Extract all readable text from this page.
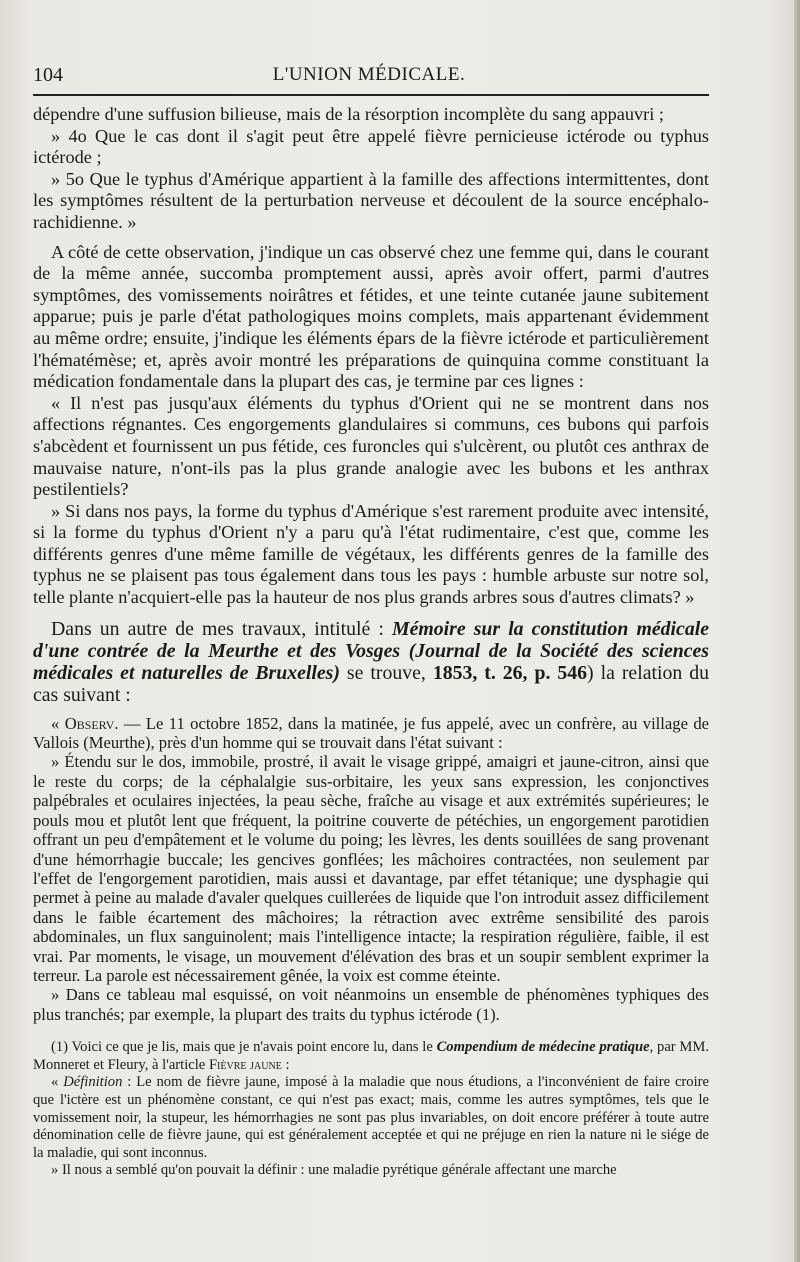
104	L'UNION MÉDICALE.

dépendre d'une suffusion bilieuse, mais de la résorption incomplète du sang appauvri ;

» 4o Que le cas dont il s'agit peut être appelé fièvre pernicieuse ictérode ou typhus ictérode ;

» 5o Que le typhus d'Amérique appartient à la famille des affections intermittentes, dont les symptômes résultent de la perturbation nerveuse et découlent de la source encéphalo-rachidienne. »

A côté de cette observation, j'indique un cas observé chez une femme qui, dans le courant de la même année, succomba promptement aussi, après avoir offert, parmi d'autres symptômes, des vomissements noirâtres et fétides, et une teinte cutanée jaune subitement apparue; puis je parle d'état pathologiques moins complets, mais appartenant évidemment au même ordre; ensuite, j'indique les éléments épars de la fièvre ictérode et particulièrement l'hématémèse; et, après avoir montré les préparations de quinquina comme constituant la médication fondamentale dans la plupart des cas, je termine par ces lignes :

« Il n'est pas jusqu'aux éléments du typhus d'Orient qui ne se montrent dans nos affections régnantes. Ces engorgements glandulaires si communs, ces bubons qui parfois s'abcèdent et fournissent un pus fétide, ces furoncles qui s'ulcèrent, ou plutôt ces anthrax de mauvaise nature, n'ont-ils pas la plus grande analogie avec les bubons et les anthrax pestilentiels?

» Si dans nos pays, la forme du typhus d'Amérique s'est rarement produite avec intensité, si la forme du typhus d'Orient n'y a paru qu'à l'état rudimentaire, c'est que, comme les différents genres d'une même famille de végétaux, les différents genres de la famille des typhus ne se plaisent pas tous également dans tous les pays : humble arbuste sur notre sol, telle plante n'acquiert-elle pas la hauteur de nos plus grands arbres sous d'autres climats? »

Dans un autre de mes travaux, intitulé : Mémoire sur la constitution médicale d'une contrée de la Meurthe et des Vosges (Journal de la Société des sciences médicales et naturelles de Bruxelles) se trouve, 1853, t. 26, p. 546) la relation du cas suivant :

« Observ. — Le 11 octobre 1852, dans la matinée, je fus appelé, avec un confrère, au village de Vallois (Meurthe), près d'un homme qui se trouvait dans l'état suivant :

» Étendu sur le dos, immobile, prostré, il avait le visage grippé, amaigri et jaune-citron, ainsi que le reste du corps; de la céphalalgie sus-orbitaire, les yeux sans expression, les conjonctives palpébrales et oculaires injectées, la peau sèche, fraîche au visage et aux extrémités supérieures; le pouls mou et plutôt lent que fréquent, la poitrine couverte de pétéchies, un engorgement parotidien offrant un peu d'empâtement et le volume du poing; les lèvres, les dents souillées de sang provenant d'une hémorrhagie buccale; les gencives gonflées; les mâchoires contractées, non seulement par l'effet de l'engorgement parotidien, mais aussi et davantage, par effet tétanique; une dysphagie qui permet à peine au malade d'avaler quelques cuillerées de liquide que l'on introduit assez difficilement dans le faible écartement des mâchoires; la rétraction avec extrême sensibilité des parois abdominales, un flux sanguinolent; mais l'intelligence intacte; la respiration régulière, faible, il est vrai. Par moments, le visage, un mouvement d'élévation des bras et un soupir semblent exprimer la terreur. La parole est nécessairement gênée, la voix est comme éteinte.

» Dans ce tableau mal esquissé, on voit néanmoins un ensemble de phénomènes typhiques des plus tranchés; par exemple, la plupart des traits du typhus ictérode (1).

(1) Voici ce que je lis, mais que je n'avais point encore lu, dans le Compendium de médecine pratique, par MM. Monneret et Fleury, à l'article Fièvre jaune :

« Définition : Le nom de fièvre jaune, imposé à la maladie que nous étudions, a l'inconvénient de faire croire que l'ictère est un phénomène constant, ce qui n'est pas exact; mais, comme les autres symptômes, tels que le vomissement noir, la stupeur, les hémorrhagies ne sont pas plus invariables, on doit encore préférer à toute autre dénomination celle de fièvre jaune, qui est généralement acceptée et qui ne préjuge en rien la nature ni le siége de la maladie, qui sont inconnus.

» Il nous a semblé qu'on pouvait la définir : une maladie pyrétique générale affectant une marche
